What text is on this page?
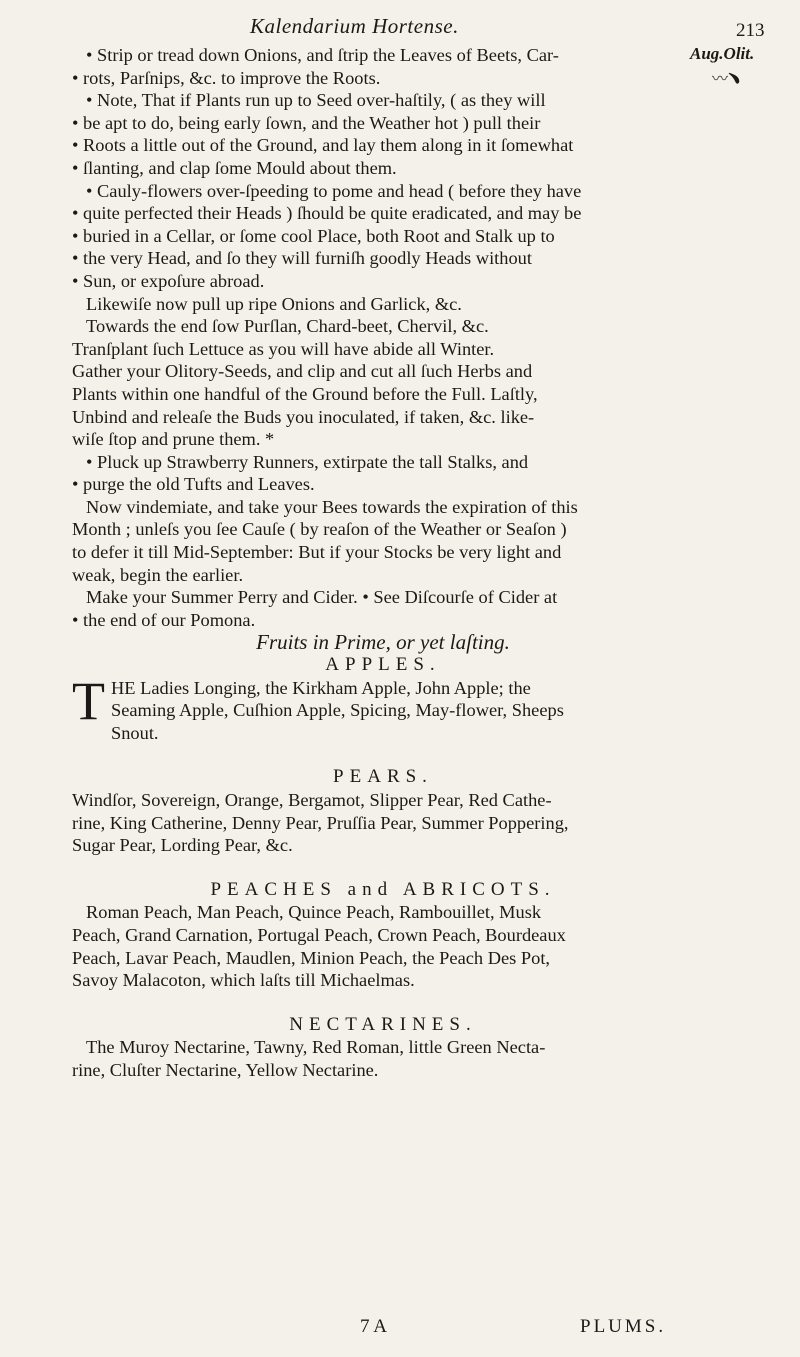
Kalendarium Hortense.	213
Aug.Olit.
〰﹅

• Strip or tread down Onions, and ſtrip the Leaves of Beets, Car-

• rots, Parſnips, &c. to improve the Roots.

• Note, That if Plants run up to Seed over-haſtily, ( as they will

• be apt to do, being early ſown, and the Weather hot ) pull their

• Roots a little out of the Ground, and lay them along in it ſomewhat

• ſlanting, and clap ſome Mould about them.

• Cauly-flowers over-ſpeeding to pome and head ( before they have

• quite perfected their Heads ) ſhould be quite eradicated, and may be

• buried in a Cellar, or ſome cool Place, both Root and Stalk up to

• the very Head, and ſo they will furniſh goodly Heads without

• Sun, or expoſure abroad.

Likewiſe now pull up ripe Onions and Garlick, &c.

Towards the end ſow Purſlan, Chard-beet, Chervil, &c.

Tranſplant ſuch Lettuce as you will have abide all Winter.

Gather your Olitory-Seeds, and clip and cut all ſuch Herbs and

Plants within one handful of the Ground before the Full. Laſtly,

Unbind and releaſe the Buds you inoculated, if taken, &c. like-

wiſe ſtop and prune them. *

• Pluck up Strawberry Runners, extirpate the tall Stalks, and

• purge the old Tufts and Leaves.

Now vindemiate, and take your Bees towards the expiration of this

Month ; unleſs you ſee Cauſe ( by reaſon of the Weather or Seaſon )

to defer it till Mid-September: But if your Stocks be very light and

weak, begin the earlier.

Make your Summer Perry and Cider. • See Diſcourſe of Cider at

• the end of our Pomona.

Fruits in Prime, or yet laſting.

APPLES.

T HE Ladies Longing, the Kirkham Apple, John Apple; the

Seaming Apple, Cuſhion Apple, Spicing, May-flower, Sheeps

Snout.

PEARS.

Windſor, Sovereign, Orange, Bergamot, Slipper Pear, Red Cathe-

rine, King Catherine, Denny Pear, Pruſſia Pear, Summer Poppering,

Sugar Pear, Lording Pear, &c.

PEACHES and ABRICOTS.

Roman Peach, Man Peach, Quince Peach, Rambouillet, Musk

Peach, Grand Carnation, Portugal Peach, Crown Peach, Bourdeaux

Peach, Lavar Peach, Maudlen, Minion Peach, the Peach Des Pot,

Savoy Malacoton, which laſts till Michaelmas.

NECTARINES.

The Muroy Nectarine, Tawny, Red Roman, little Green Necta-

rine, Cluſter Nectarine, Yellow Nectarine.

7 A	PLUMS.
